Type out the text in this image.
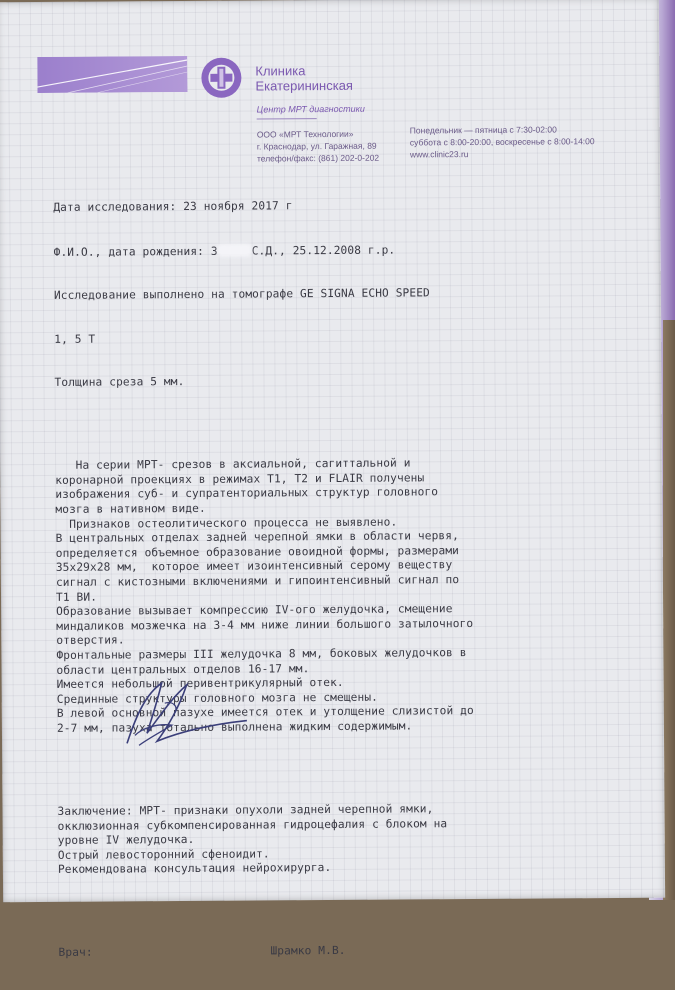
Клиника
Екатерининская
Центр МРТ диагностики
ООО «МРТ Технологии»
г. Краснодар, ул. Гаражная, 89
телефон/факс: (861) 202-0-202
Понедельник — пятница с 7:30-02:00
суббота с 8:00-20:00, воскресенье с 8:00-14:00
www.clinic23.ru

Дата исследования: 23 ноября 2017 г

Ф.И.О., дата рождения: З	С.Д., 25.12.2008 г.р.

Исследование выполнено на томографе GE SIGNA ECHO SPEED

1, 5 Т

Толщина среза 5 мм.

На серии МРТ- срезов в аксиальной, сагиттальной и
коронарной проекциях в режимах Т1, Т2 и FLAIR получены
изображения суб- и супратенториальных структур головного
мозга в нативном виде.
Признаков остеолитического процесса не выявлено.
В центральных отделах задней черепной ямки в области червя,
определяется объемное образование овоидной формы, размерами
35х29х28 мм,  которое имеет изоинтенсивный серому веществу
сигнал с кистозными включениями и гипоинтенсивный сигнал по
Т1 ВИ.
Образование вызывает компрессию IV-ого желудочка, смещение
миндаликов мозжечка на 3-4 мм ниже линии большого затылочного
отверстия.
Фронтальные размеры III желудочка 8 мм, боковых желудочков в
области центральных отделов 16-17 мм.
Имеется небольшой перивентрикулярный отек.
Срединные структуры головного мозга не смещены.
В левой основной пазухе имеется отек и утолщение слизистой до
2-7 мм, пазуха тотально выполнена жидким содержимым.

Заключение: МРТ- признаки опухоли задней черепной ямки,
окклюзионная субкомпенсированная гидроцефалия с блоком на
уровне IV желудочка.
Острый левосторонний сфеноидит.
Рекомендована консультация нейрохирурга.

Врач:	Шрамко М.В.
